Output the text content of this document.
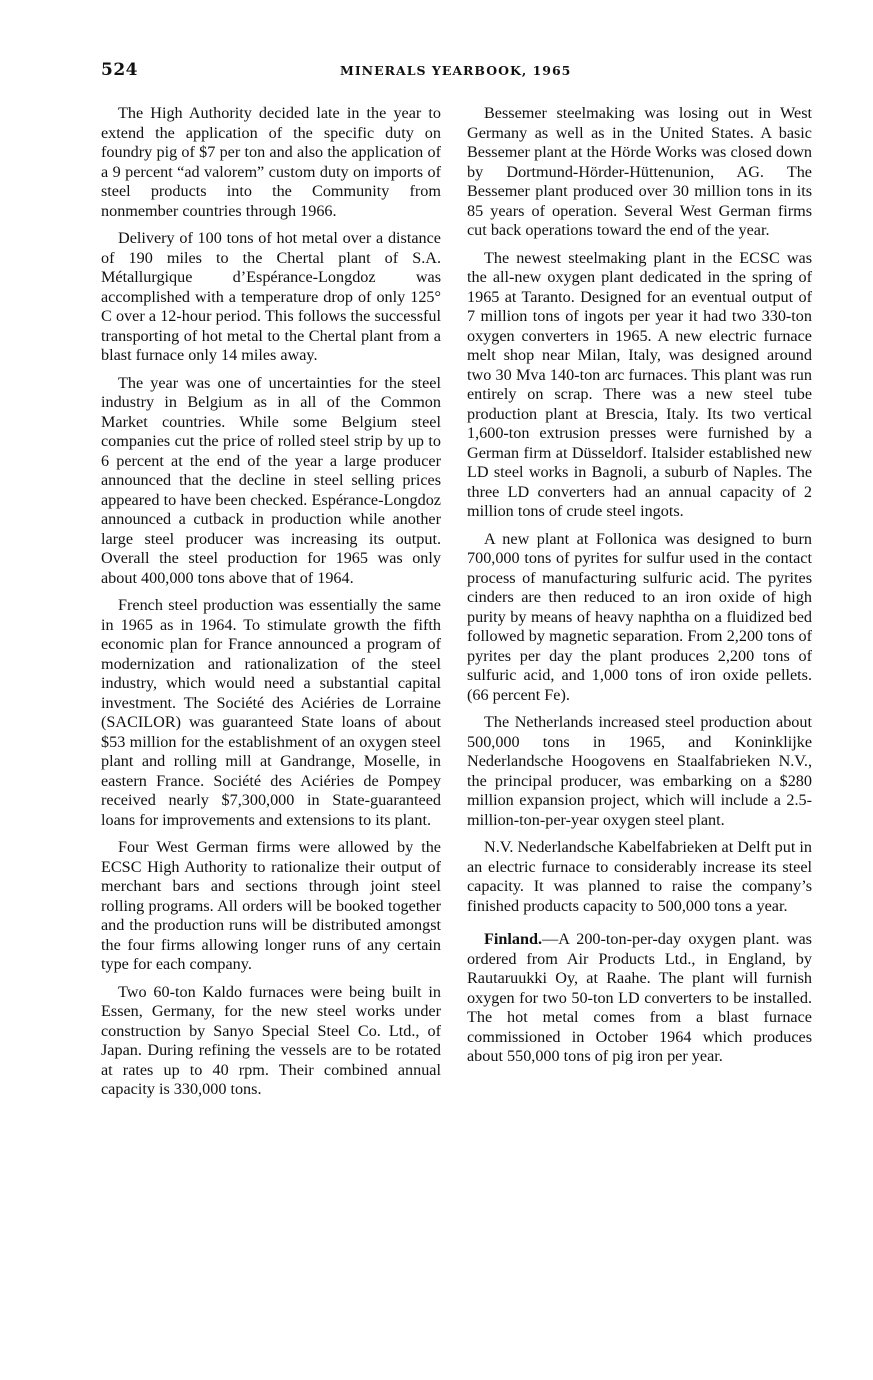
524	MINERALS YEARBOOK, 1965

The High Authority decided late in the year to extend the application of the specific duty on foundry pig of $7 per ton and also the application of a 9 percent “ad valorem” custom duty on imports of steel products into the Community from nonmember countries through 1966.

Delivery of 100 tons of hot metal over a distance of 190 miles to the Chertal plant of S.A. Métallurgique d’Espérance-Longdoz was accomplished with a temperature drop of only 125° C over a 12-hour period. This follows the successful transporting of hot metal to the Chertal plant from a blast furnace only 14 miles away.

The year was one of uncertainties for the steel industry in Belgium as in all of the Common Market countries. While some Belgium steel companies cut the price of rolled steel strip by up to 6 percent at the end of the year a large producer announced that the decline in steel selling prices appeared to have been checked. Espérance-Longdoz announced a cutback in production while another large steel producer was increasing its output. Overall the steel production for 1965 was only about 400,000 tons above that of 1964.

French steel production was essentially the same in 1965 as in 1964. To stimulate growth the fifth economic plan for France announced a program of modernization and rationalization of the steel industry, which would need a substantial capital investment. The Société des Aciéries de Lorraine (SACILOR) was guaranteed State loans of about $53 million for the establishment of an oxygen steel plant and rolling mill at Gandrange, Moselle, in eastern France. Société des Aciéries de Pompey received nearly $7,300,000 in State-guaranteed loans for improvements and extensions to its plant.

Four West German firms were allowed by the ECSC High Authority to rationalize their output of merchant bars and sections through joint steel rolling programs. All orders will be booked together and the production runs will be distributed amongst the four firms allowing longer runs of any certain type for each company.

Two 60-ton Kaldo furnaces were being built in Essen, Germany, for the new steel works under construction by Sanyo Special Steel Co. Ltd., of Japan. During refining the vessels are to be rotated at rates up to 40 rpm. Their combined annual capacity is 330,000 tons.

Bessemer steelmaking was losing out in West Germany as well as in the United States. A basic Bessemer plant at the Hörde Works was closed down by Dortmund-Hörder-Hüttenunion, AG. The Bessemer plant produced over 30 million tons in its 85 years of operation. Several West German firms cut back operations toward the end of the year.

The newest steelmaking plant in the ECSC was the all-new oxygen plant dedicated in the spring of 1965 at Taranto. Designed for an eventual output of 7 million tons of ingots per year it had two 330-ton oxygen converters in 1965. A new electric furnace melt shop near Milan, Italy, was designed around two 30 Mva 140-ton arc furnaces. This plant was run entirely on scrap. There was a new steel tube production plant at Brescia, Italy. Its two vertical 1,600-ton extrusion presses were furnished by a German firm at Düsseldorf. Italsider established new LD steel works in Bagnoli, a suburb of Naples. The three LD converters had an annual capacity of 2 million tons of crude steel ingots.

A new plant at Follonica was designed to burn 700,000 tons of pyrites for sulfur used in the contact process of manufacturing sulfuric acid. The pyrites cinders are then reduced to an iron oxide of high purity by means of heavy naphtha on a fluidized bed followed by magnetic separation. From 2,200 tons of pyrites per day the plant produces 2,200 tons of sulfuric acid, and 1,000 tons of iron oxide pellets. (66 percent Fe).

The Netherlands increased steel production about 500,000 tons in 1965, and Koninklijke Nederlandsche Hoogovens en Staalfabrieken N.V., the principal producer, was embarking on a $280 million expansion project, which will include a 2.5-million-ton-per-year oxygen steel plant.

N.V. Nederlandsche Kabelfabrieken at Delft put in an electric furnace to considerably increase its steel capacity. It was planned to raise the company’s finished products capacity to 500,000 tons a year.

Finland.—A 200-ton-per-day oxygen plant. was ordered from Air Products Ltd., in England, by Rautaruukki Oy, at Raahe. The plant will furnish oxygen for two 50-ton LD converters to be installed. The hot metal comes from a blast furnace commissioned in October 1964 which produces about 550,000 tons of pig iron per year.
